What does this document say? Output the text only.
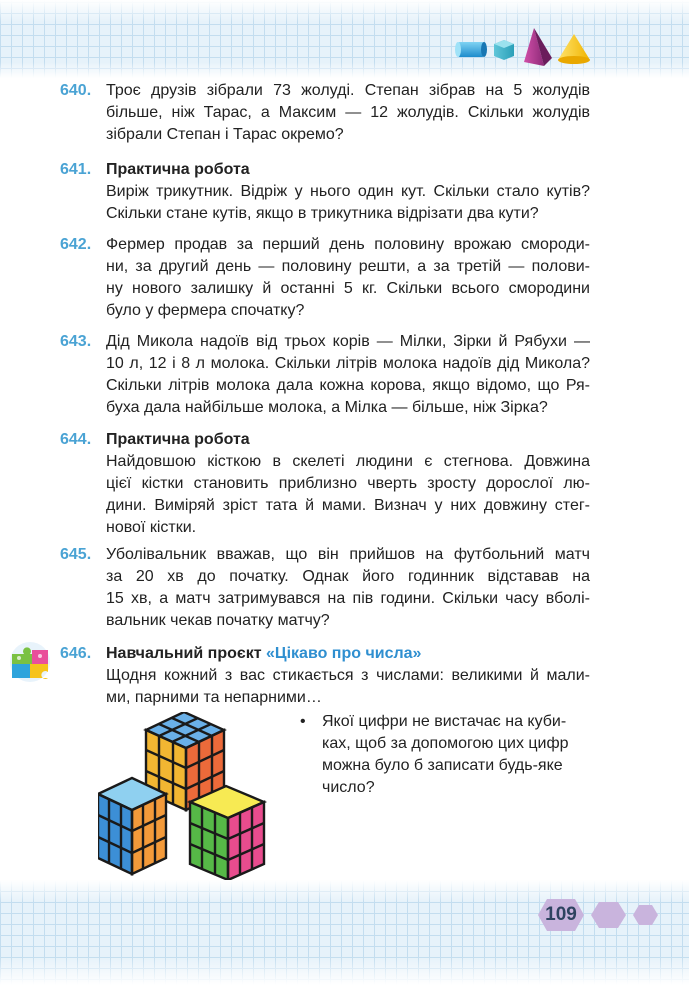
640. Троє друзів зібрали 73 жолуді. Степан зібрав на 5 жолудів
більше, ніж Тарас, а Максим — 12 жолудів. Скільки жолудів
зібрали Степан і Тарас окремо?
641. Практична робота
Виріж трикутник. Відріж у нього один кут. Скільки стало кутів?
Скільки стане кутів, якщо в трикутника відрізати два кути?
642. Фермер продав за перший день половину врожаю смороди-
ни, за другий день — половину решти, а за третій — полови-
ну нового залишку й останні 5 кг. Скільки всього смородини
було у фермера спочатку?
643. Дід Микола надоїв від трьох корів — Мілки, Зірки й Рябухи —
10 л, 12 і 8 л молока. Скільки літрів молока надоїв дід Микола?
Скільки літрів молока дала кожна корова, якщо відомо, що Ря-
буха дала найбільше молока, а Мілка — більше, ніж Зірка?
644. Практична робота
Найдовшою кісткою в скелеті людини є стегнова. Довжина
цієї кістки становить приблизно чверть зросту дорослої лю-
дини. Виміряй зріст тата й мами. Визнач у них довжину стег-
нової кістки.
645. Уболівальник вважав, що він прийшов на футбольний матч
за 20 хв до початку. Однак його годинник відставав на
15 хв, а матч затримувався на пів години. Скільки часу вболі-
вальник чекав початку матчу?
646. Навчальний проєкт «Цікаво про числа»
Щодня кожний з вас стикається з числами: великими й мали-
ми, парними та непарними…
• Якої цифри не вистачає на куби-
ках, щоб за допомогою цих цифр
можна було б записати будь-яке
число?
109
